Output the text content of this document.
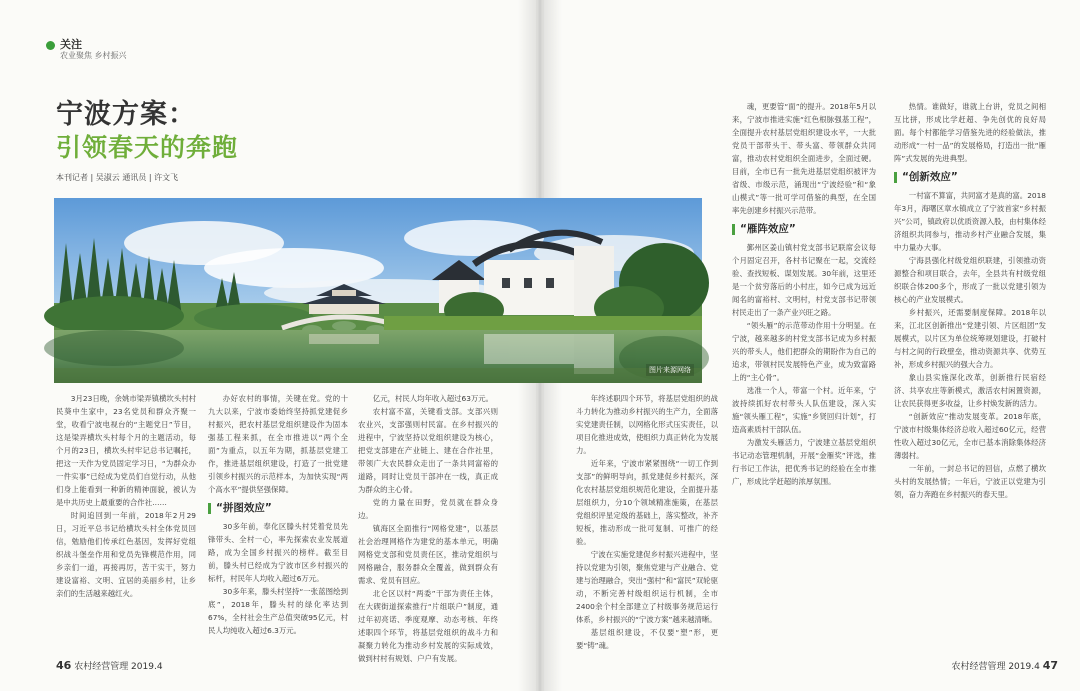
关注
农业聚焦 乡村振兴
宁波方案：
引领春天的奔跑
本刊记者 | 吴淑云 通讯员 | 许文飞

3月23日晚，余姚市梁弄镇横坎头村村民葵中生家中，23名党员和群众齐聚一堂，收看宁波电视台的“主题党日”节目，这是梁弄横坎头村每个月的主题活动，每个月的23日，横坎头村牢记总书记嘱托，把这一天作为党员固定学习日，“为群众办一件实事”已经成为党员们自觉行动，从他们身上能看到一种新的精神面貌，被认为是中共历史上最重要的合作社……

时间追回到一年前，2018年2月29日，习近平总书记给横坎头村全体党员回信，勉励他们传承红色基因，发挥好党组织战斗堡垒作用和党员先锋模范作用，同乡亲们一道，再接再厉，苦干实干，努力建设富裕、文明、宜居的美丽乡村，让乡亲们的生活越来越红火。

办好农村的事情，关键在党。党的十九大以来，宁波市委始终坚持抓党建促乡村振兴，把农村基层党组织建设作为固本强基工程来抓，在全市推进以“两个全面”为重点，以五年为期，抓基层党建工作，推进基层组织建设，打造了一批党建引领乡村振兴的示范样本，为加快实现“两个高水平”提供坚强保障。

“拼图效应”

30多年前，奉化区滕头村凭着党员先锋带头、全村一心，率先探索农业发展道路，成为全国乡村振兴的榜样。截至目前，滕头村已经成为宁波市区乡村振兴的标杆，村民年人均收入超过6万元。

30多年来，滕头村坚持“一张蓝图绘到底”，2018年，滕头村的绿化率达到67%，全村社会生产总值突破95亿元，村民人均纯收入超过6.3万元。

亿元，村民人均年收入超过63万元。

农村富不富，关键看支部。支部兴则农业兴，支部强则村民富。在乡村振兴的进程中，宁波坚持以党组织建设为核心，把党支部建在产业链上、建在合作社里，带领广大农民群众走出了一条共同富裕的道路，同时让党员干部冲在一线，真正成为群众的主心骨。

党的力量在田野，党员就在群众身边。

镇海区全面推行“网格党建”，以基层社会治理网格作为建党的基本单元，明确网格党支部和党员责任区，推动党组织与网格融合，服务群众全覆盖，做到群众有需求、党员有回应。

北仑区以村“两委”干部为责任主体，在大碶街道探索推行“片组联户”制度，通过年初亮诺、季度观摩、动态考核、年终述职四个环节，将基层党组织的战斗力和凝聚力转化为推动乡村发展的实际成效，做到村村有规划、户户有发展。

46 农村经营管理 2019.4

年终述职四个环节，将基层党组织的战斗力转化为推动乡村振兴的生产力，全面落实党建责任制，以网格化形式压实责任，以项目化推进成效，使组织力真正转化为发展力。

近年来，宁波市紧紧围绕“一切工作到支部”的鲜明导向，抓党建促乡村振兴，深化农村基层党组织规范化建设，全面提升基层组织力，分10个领域精准施策，在基层党组织评星定级的基础上，落实整改，补齐短板，推动形成一批可复制、可推广的经验。

宁波在实施党建促乡村振兴进程中，坚持以党建为引领，聚焦党建与产业融合、党建与治理融合，突出“强村”和“富民”双轮驱动，不断完善村级组织运行机制，全市2400余个村全部建立了村级事务规范运行体系，乡村振兴的“宁波方案”越来越清晰。

基层组织建设，不仅要“塑”形，更要“铸”魂。

魂，更要管“面”的提升。2018年5月以来，宁波市推进实施“红色根脉强基工程”，全面提升农村基层党组织建设水平，一大批党员干部带头干、带头富、带领群众共同富，推动农村党组织全面进步，全面过硬。目前，全市已有一批先进基层党组织被评为省级、市级示范，涌现出“宁波经验”和“象山模式”等一批可学可借鉴的典型，在全国率先创建乡村振兴示范带。

“雁阵效应”

鄞州区姜山镇村党支部书记联席会议每个月固定召开，各村书记聚在一起，交流经验、查找短板、谋划发展。30年前，这里还是一个贫穷落后的小村庄，如今已成为远近闻名的富裕村、文明村，村党支部书记带领村民走出了一条产业兴旺之路。

“领头雁”的示范带动作用十分明显。在宁波，越来越多的村党支部书记成为乡村振兴的带头人，他们把群众的期盼作为自己的追求，带领村民发展特色产业，成为致富路上的“主心骨”。

选准一个人，带富一个村。近年来，宁波持续抓好农村带头人队伍建设，深入实施“领头雁工程”，实施“乡贤回归计划”，打造高素质村干部队伍。

为激发头雁活力，宁波建立基层党组织书记动态管理机制，开展“金雁奖”评选，推行书记工作法，把优秀书记的经验在全市推广，形成比学赶超的浓厚氛围。

热情。谁做好，谁就上台讲，党员之间相互比拼，形成比学赶超、争先创优的良好局面。每个村都能学习借鉴先进的经验做法，推动形成“一村一品”的发展格局，打造出一批“雁阵”式发展的先进典型。

“创新效应”

一村富不算富，共同富才是真的富。2018年3月，海曙区章水镇成立了宁波首家“乡村振兴”公司，镇政府以优质资源入股，由村集体经济组织共同参与，推动乡村产业融合发展，集中力量办大事。

宁海县强化村级党组织联建，引领推动资源整合和项目联合，去年，全县共有村级党组织联合体200多个，形成了一批以党建引领为核心的产业发展模式。

乡村振兴，还需要制度保障。2018年以来，江北区创新推出“党建引领、片区组团”发展模式，以片区为单位统筹规划建设，打破村与村之间的行政壁垒，推动资源共享、优势互补，形成乡村振兴的强大合力。

象山县实施深化改革，创新推行民宿经济、共享农庄等新模式，激活农村闲置资源，让农民获得更多收益，让乡村焕发新的活力。

“创新效应”推动发展变革。2018年底，宁波市村级集体经济总收入超过60亿元，经营性收入超过30亿元，全市已基本消除集体经济薄弱村。

一年前，一封总书记的回信，点燃了横坎头村的发展热情；一年后，宁波正以党建为引领，奋力奔跑在乡村振兴的春天里。

农村经营管理 2019.4 47
图片来源网络
